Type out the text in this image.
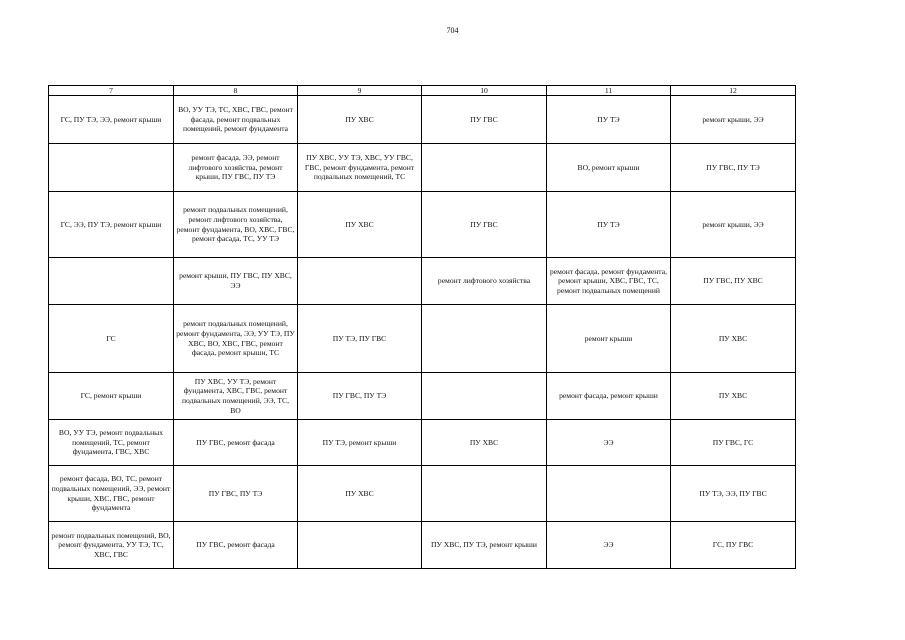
704
7	8	9	10	11	12
ГС, ПУ ТЭ, ЭЭ, ремонт крыши	ВО, УУ ТЭ, ТС, ХВС, ГВС, ремонт фасада, ремонт подвальных помещений, ремонт фундамента	ПУ ХВС	ПУ ГВС	ПУ ТЭ	ремонт крыши, ЭЭ
	ремонт фасада, ЭЭ, ремонт лифтового хозяйства, ремонт крыши, ПУ ГВС, ПУ ТЭ	ПУ ХВС, УУ ТЭ, ХВС, УУ ГВС, ГВС, ремонт фундамента, ремонт подвальных помещений, ТС		ВО, ремонт крыши	ПУ ГВС, ПУ ТЭ
ГС, ЭЭ, ПУ ТЭ, ремонт крыши	ремонт подвальных помещений, ремонт лифтового хозяйства, ремонт фундамента, ВО, ХВС, ГВС, ремонт фасада, ТС, УУ ТЭ	ПУ ХВС	ПУ ГВС	ПУ ТЭ	ремонт крыши, ЭЭ
	ремонт крыши, ПУ ГВС, ПУ ХВС, ЭЭ		ремонт лифтового хозяйства	ремонт фасада, ремонт фундамента, ремонт крыши, ХВС, ГВС, ТС, ремонт подвальных помещений	ПУ ГВС, ПУ ХВС
ГС	ремонт подвальных помещений, ремонт фундамента, ЭЭ, УУ ТЭ, ПУ ХВС, ВО, ХВС, ГВС, ремонт фасада, ремонт крыши, ТС	ПУ ТЭ, ПУ ГВС		ремонт крыши	ПУ ХВС
ГС, ремонт крыши	ПУ ХВС, УУ ТЭ, ремонт фундамента, ХВС, ГВС, ремонт подвальных помещений, ЭЭ, ТС, ВО	ПУ ГВС, ПУ ТЭ		ремонт фасада, ремонт крыши	ПУ ХВС
ВО, УУ ТЭ, ремонт подвальных помещений, ТС, ремонт фундамента, ГВС, ХВС	ПУ ГВС, ремонт фасада	ПУ ТЭ, ремонт крыши	ПУ ХВС	ЭЭ	ПУ ГВС, ГС
ремонт фасада, ВО, ТС, ремонт подвальных помещений, ЭЭ, ремонт крыши, ХВС, ГВС, ремонт фундамента	ПУ ГВС, ПУ ТЭ	ПУ ХВС			ПУ ТЭ, ЭЭ, ПУ ГВС
ремонт подвальных помещений, ВО, ремонт фундамента, УУ ТЭ, ТС, ХВС, ГВС	ПУ ГВС, ремонт фасада		ПУ ХВС, ПУ ТЭ, ремонт крыши	ЭЭ	ГС, ПУ ГВС
